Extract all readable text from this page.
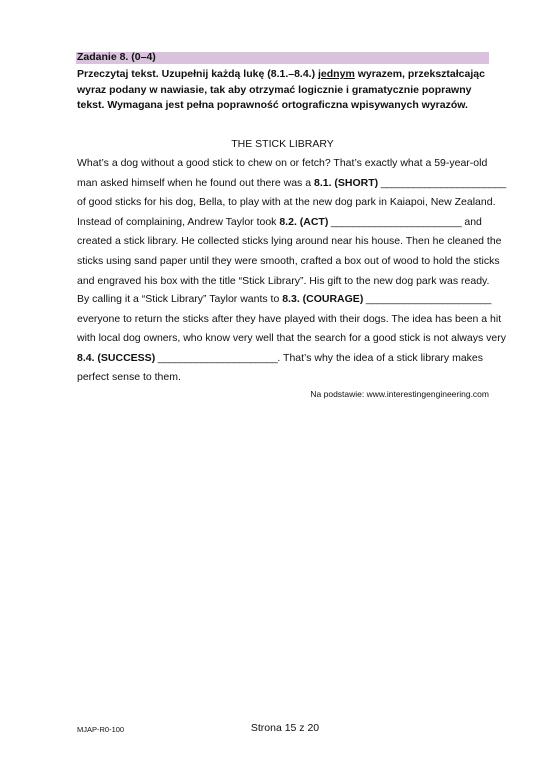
Zadanie 8. (0–4)
Przeczytaj tekst. Uzupełnij każdą lukę (8.1.–8.4.) jednym wyrazem, przekształcając wyraz podany w nawiasie, tak aby otrzymać logicznie i gramatycznie poprawny tekst. Wymagana jest pełna poprawność ortograficzna wpisywanych wyrazów.
THE STICK LIBRARY
What’s a dog without a good stick to chew on or fetch? That’s exactly what a 59-year-old
man asked himself when he found out there was a 8.1. (SHORT) _______________________
of good sticks for his dog, Bella, to play with at the new dog park in Kaiapoi, New Zealand.
Instead of complaining, Andrew Taylor took 8.2. (ACT) ________________________ and
created a stick library. He collected sticks lying around near his house. Then he cleaned the
sticks using sand paper until they were smooth, crafted a box out of wood to hold the sticks
and engraved his box with the title “Stick Library”. His gift to the new dog park was ready.
By calling it a “Stick Library” Taylor wants to 8.3. (COURAGE) _______________________
everyone to return the sticks after they have played with their dogs. The idea has been a hit
with local dog owners, who know very well that the search for a good stick is not always very
8.4. (SUCCESS) ______________________. That’s why the idea of a stick library makes
perfect sense to them.
Na podstawie: www.interestingengineering.com
MJAP-R0-100	Strona 15 z 20
